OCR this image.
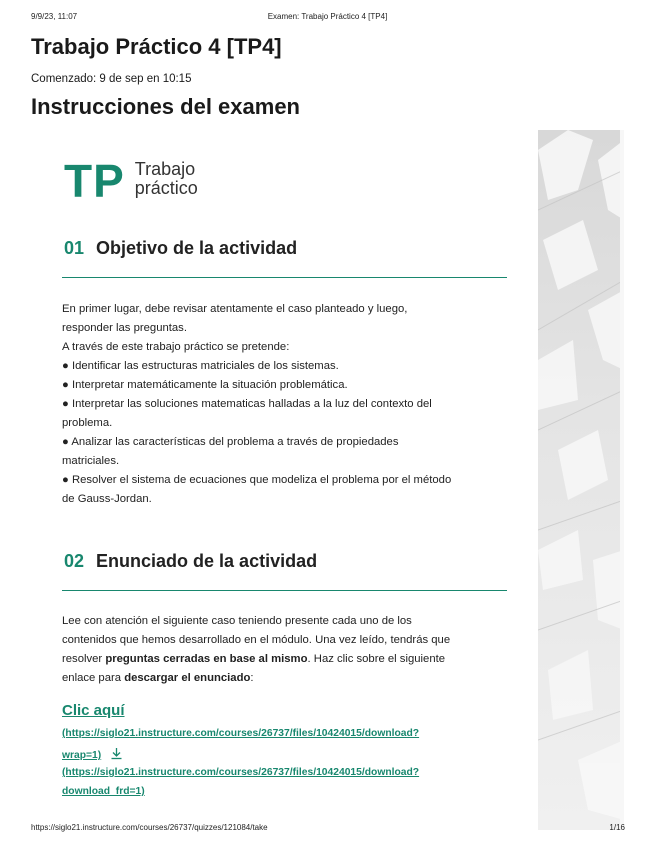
9/9/23, 11:07	Examen: Trabajo Práctico 4 [TP4]
Trabajo Práctico 4 [TP4]
Comenzado: 9 de sep en 10:15
Instrucciones del examen
TP Trabajo
práctico
01 Objetivo de la actividad
En primer lugar, debe revisar atentamente el caso planteado y luego,
responder las preguntas.
A través de este trabajo práctico se pretende:
● Identificar las estructuras matriciales de los sistemas.
● Interpretar matemáticamente la situación problemática.
● Interpretar las soluciones matematicas halladas a la luz del contexto del
problema.
● Analizar las características del problema a través de propiedades
matriciales.
● Resolver el sistema de ecuaciones que modeliza el problema por el método
de Gauss-Jordan.
02 Enunciado de la actividad
Lee con atención el siguiente caso teniendo presente cada uno de los
contenidos que hemos desarrollado en el módulo. Una vez leído, tendrás que
resolver preguntas cerradas en base al mismo. Haz clic sobre el siguiente
enlace para descargar el enunciado:
Clic aquí
(https://siglo21.instructure.com/courses/26737/files/10424015/download?
wrap=1)
(https://siglo21.instructure.com/courses/26737/files/10424015/download?
download_frd=1)
https://siglo21.instructure.com/courses/26737/quizzes/121084/take	1/16
